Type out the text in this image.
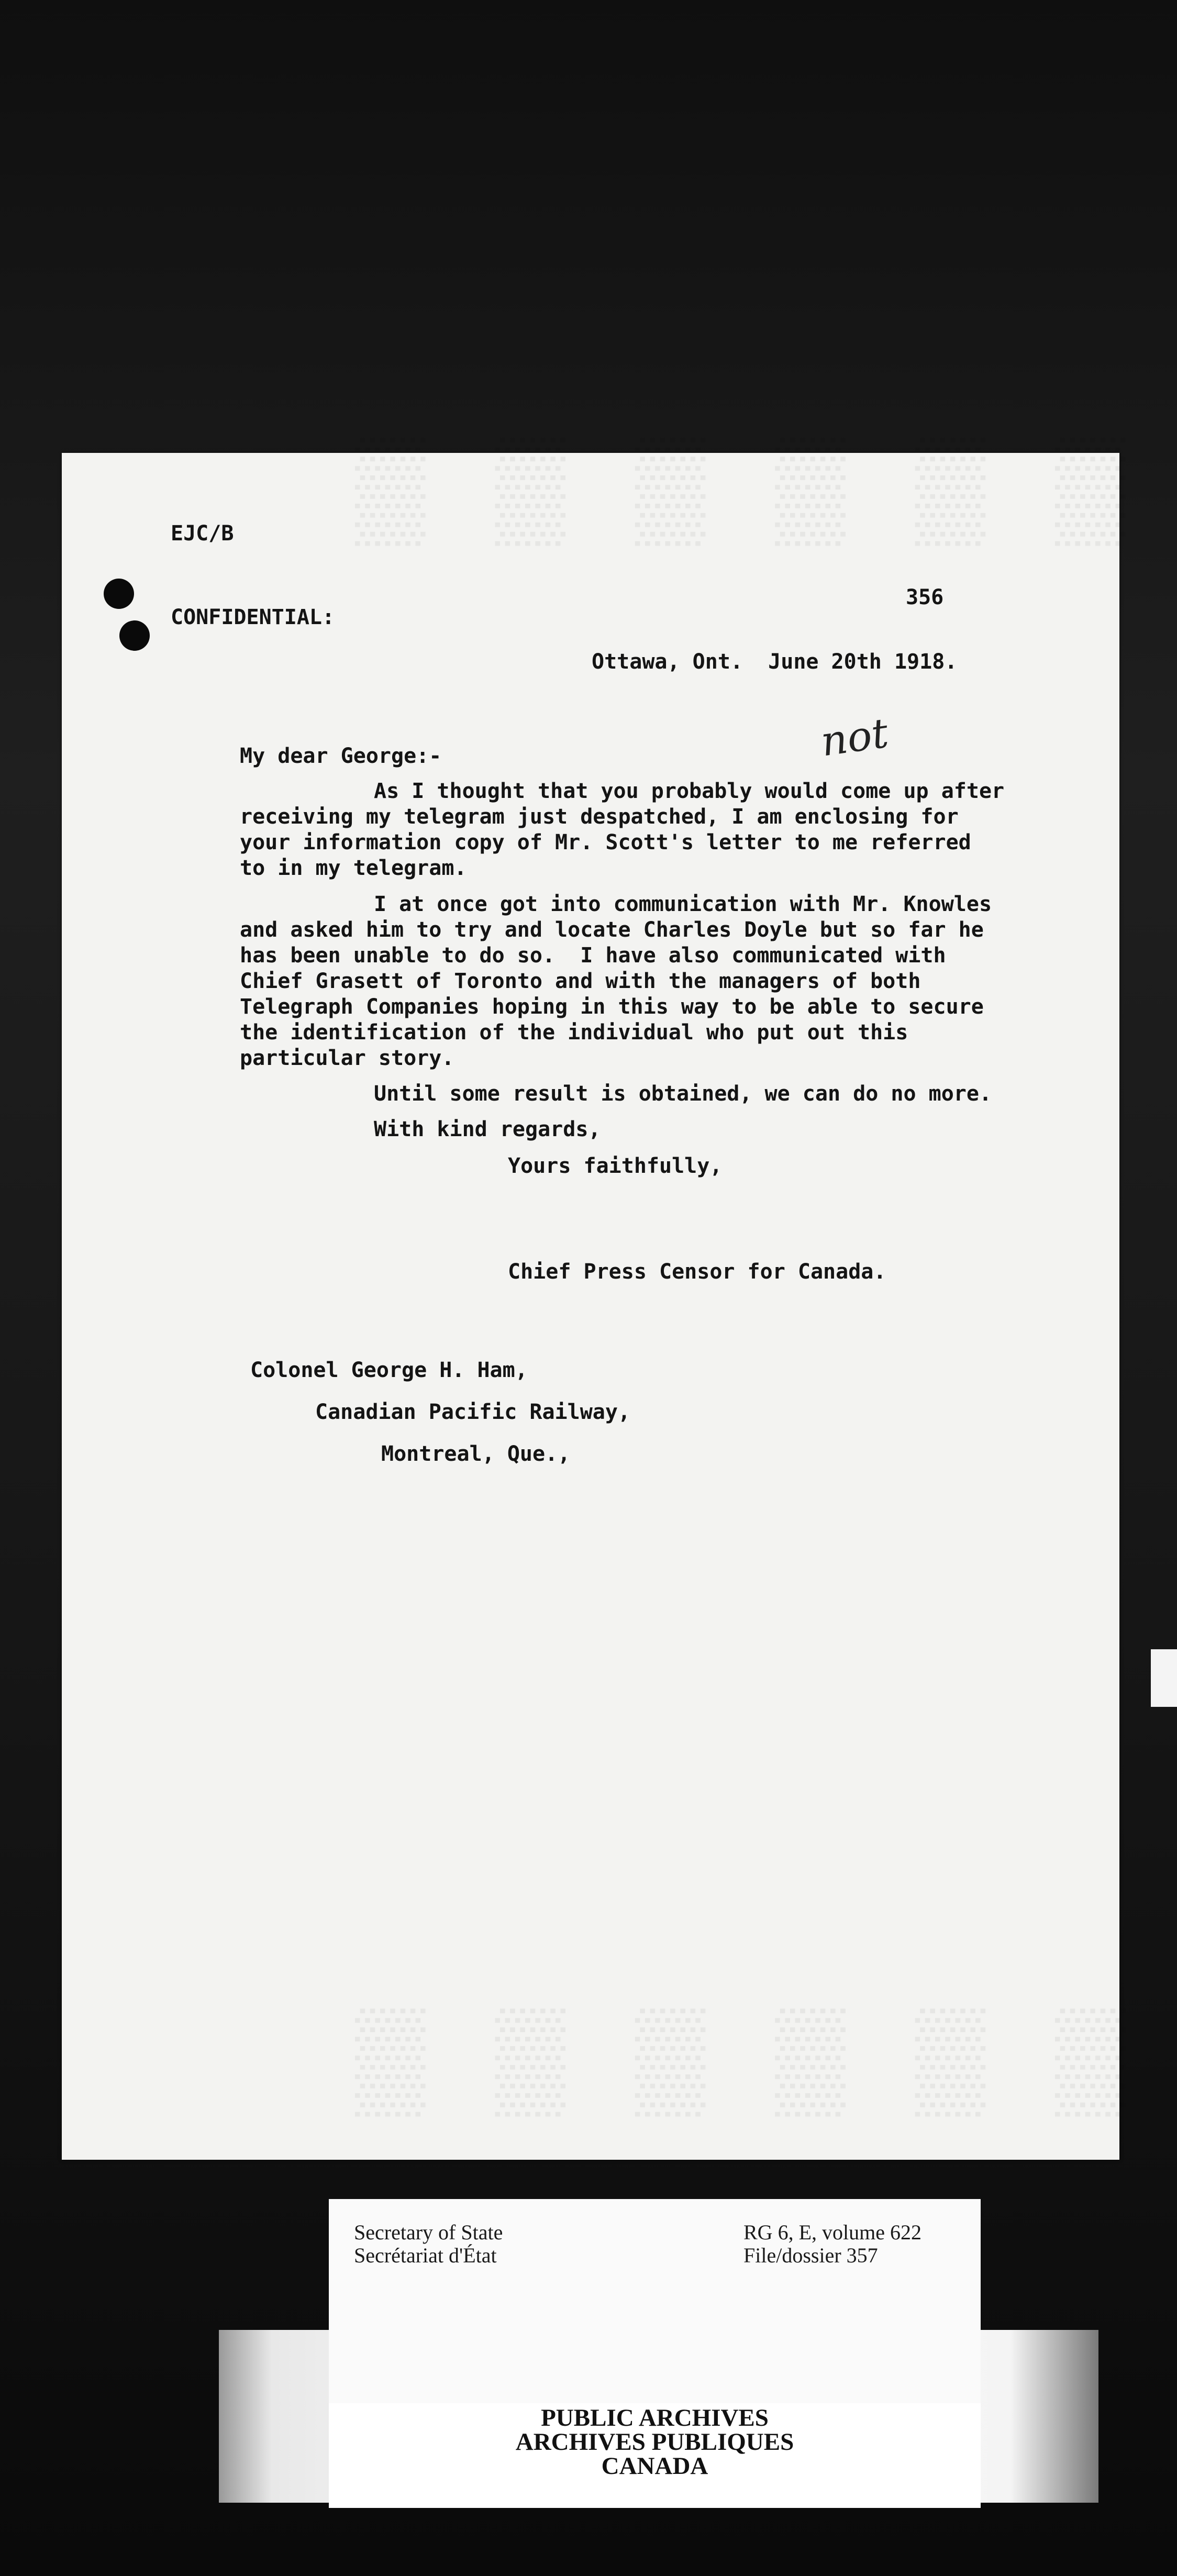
▒ ▒ ▒ ▒ ▒ ▒
▒ ▒ ▒ ▒ ▒ ▒
EJC/B
356
CONFIDENTIAL:
Ottawa, Ont.  June 20th 1918.
My dear George:-	not
As I thought that you probably would come up after
receiving my telegram just despatched, I am enclosing for
your information copy of Mr. Scott's letter to me referred
to in my telegram.
I at once got into communication with Mr. Knowles
and asked him to try and locate Charles Doyle but so far he
has been unable to do so.  I have also communicated with
Chief Grasett of Toronto and with the managers of both
Telegraph Companies hoping in this way to be able to secure
the identification of the individual who put out this
particular story.
Until some result is obtained, we can do no more.
With kind regards,
Yours faithfully,
Chief Press Censor for Canada.
Colonel George H. Ham,
Canadian Pacific Railway,
Montreal, Que.,
Secretary of State
Secrétariat d'État
RG 6, E, volume 622
File/dossier 357
PUBLIC ARCHIVES
ARCHIVES PUBLIQUES
CANADA
